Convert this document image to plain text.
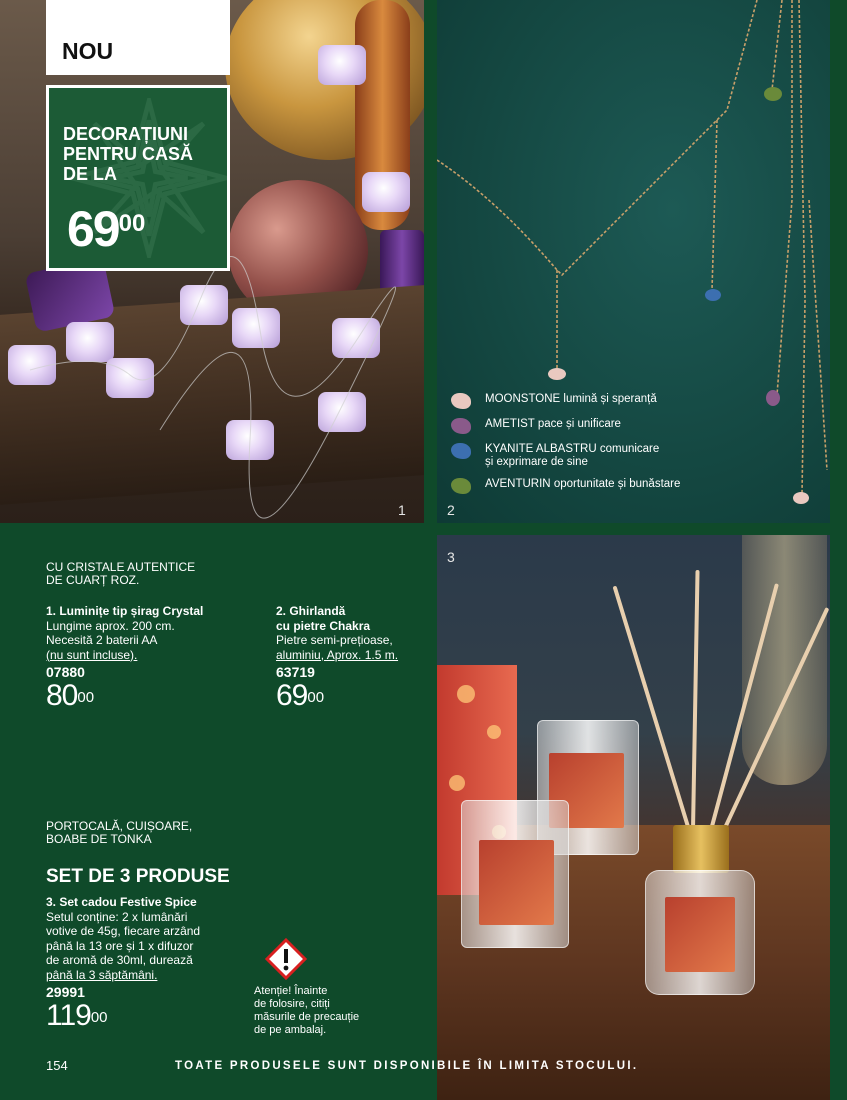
1
NOU
DECORAȚIUNI
PENTRU CASĂ
DE LA
$69^{00}$
MOONSTONE lumină și speranță
AMETIST pace și unificare
KYANITE ALBASTRU comunicare
și exprimare de sine
AVENTURIN oportunitate și bunăstare
2
CU CRISTALE AUTENTICE
DE CUARȚ ROZ.
1. Luminițe tip șirag Crystal
Lungime aprox. 200 cm.
Necesită 2 baterii AA
(nu sunt incluse).
07880
$80^{00}$
2. Ghirlandă
cu pietre Chakra
Pietre semi-prețioase,
aluminiu, Aprox. 1.5 m.
63719
$69^{00}$
PORTOCALĂ, CUIȘOARE,
BOABE DE TONKA
SET DE 3 PRODUSE
3. Set cadou Festive Spice
Setul conține: 2 x lumânări
votive de 45g, fiecare arzând
până la 13 ore și 1 x difuzor
de aromă de 30ml, durează
până la 3 săptămâni.
29991
$119^{00}$
Atenție! Înainte
de folosire, citiți
măsurile de precauție
de pe ambalaj.
3
154	TOATE PRODUSELE SUNT DISPONIBILE ÎN LIMITA STOCULUI.
